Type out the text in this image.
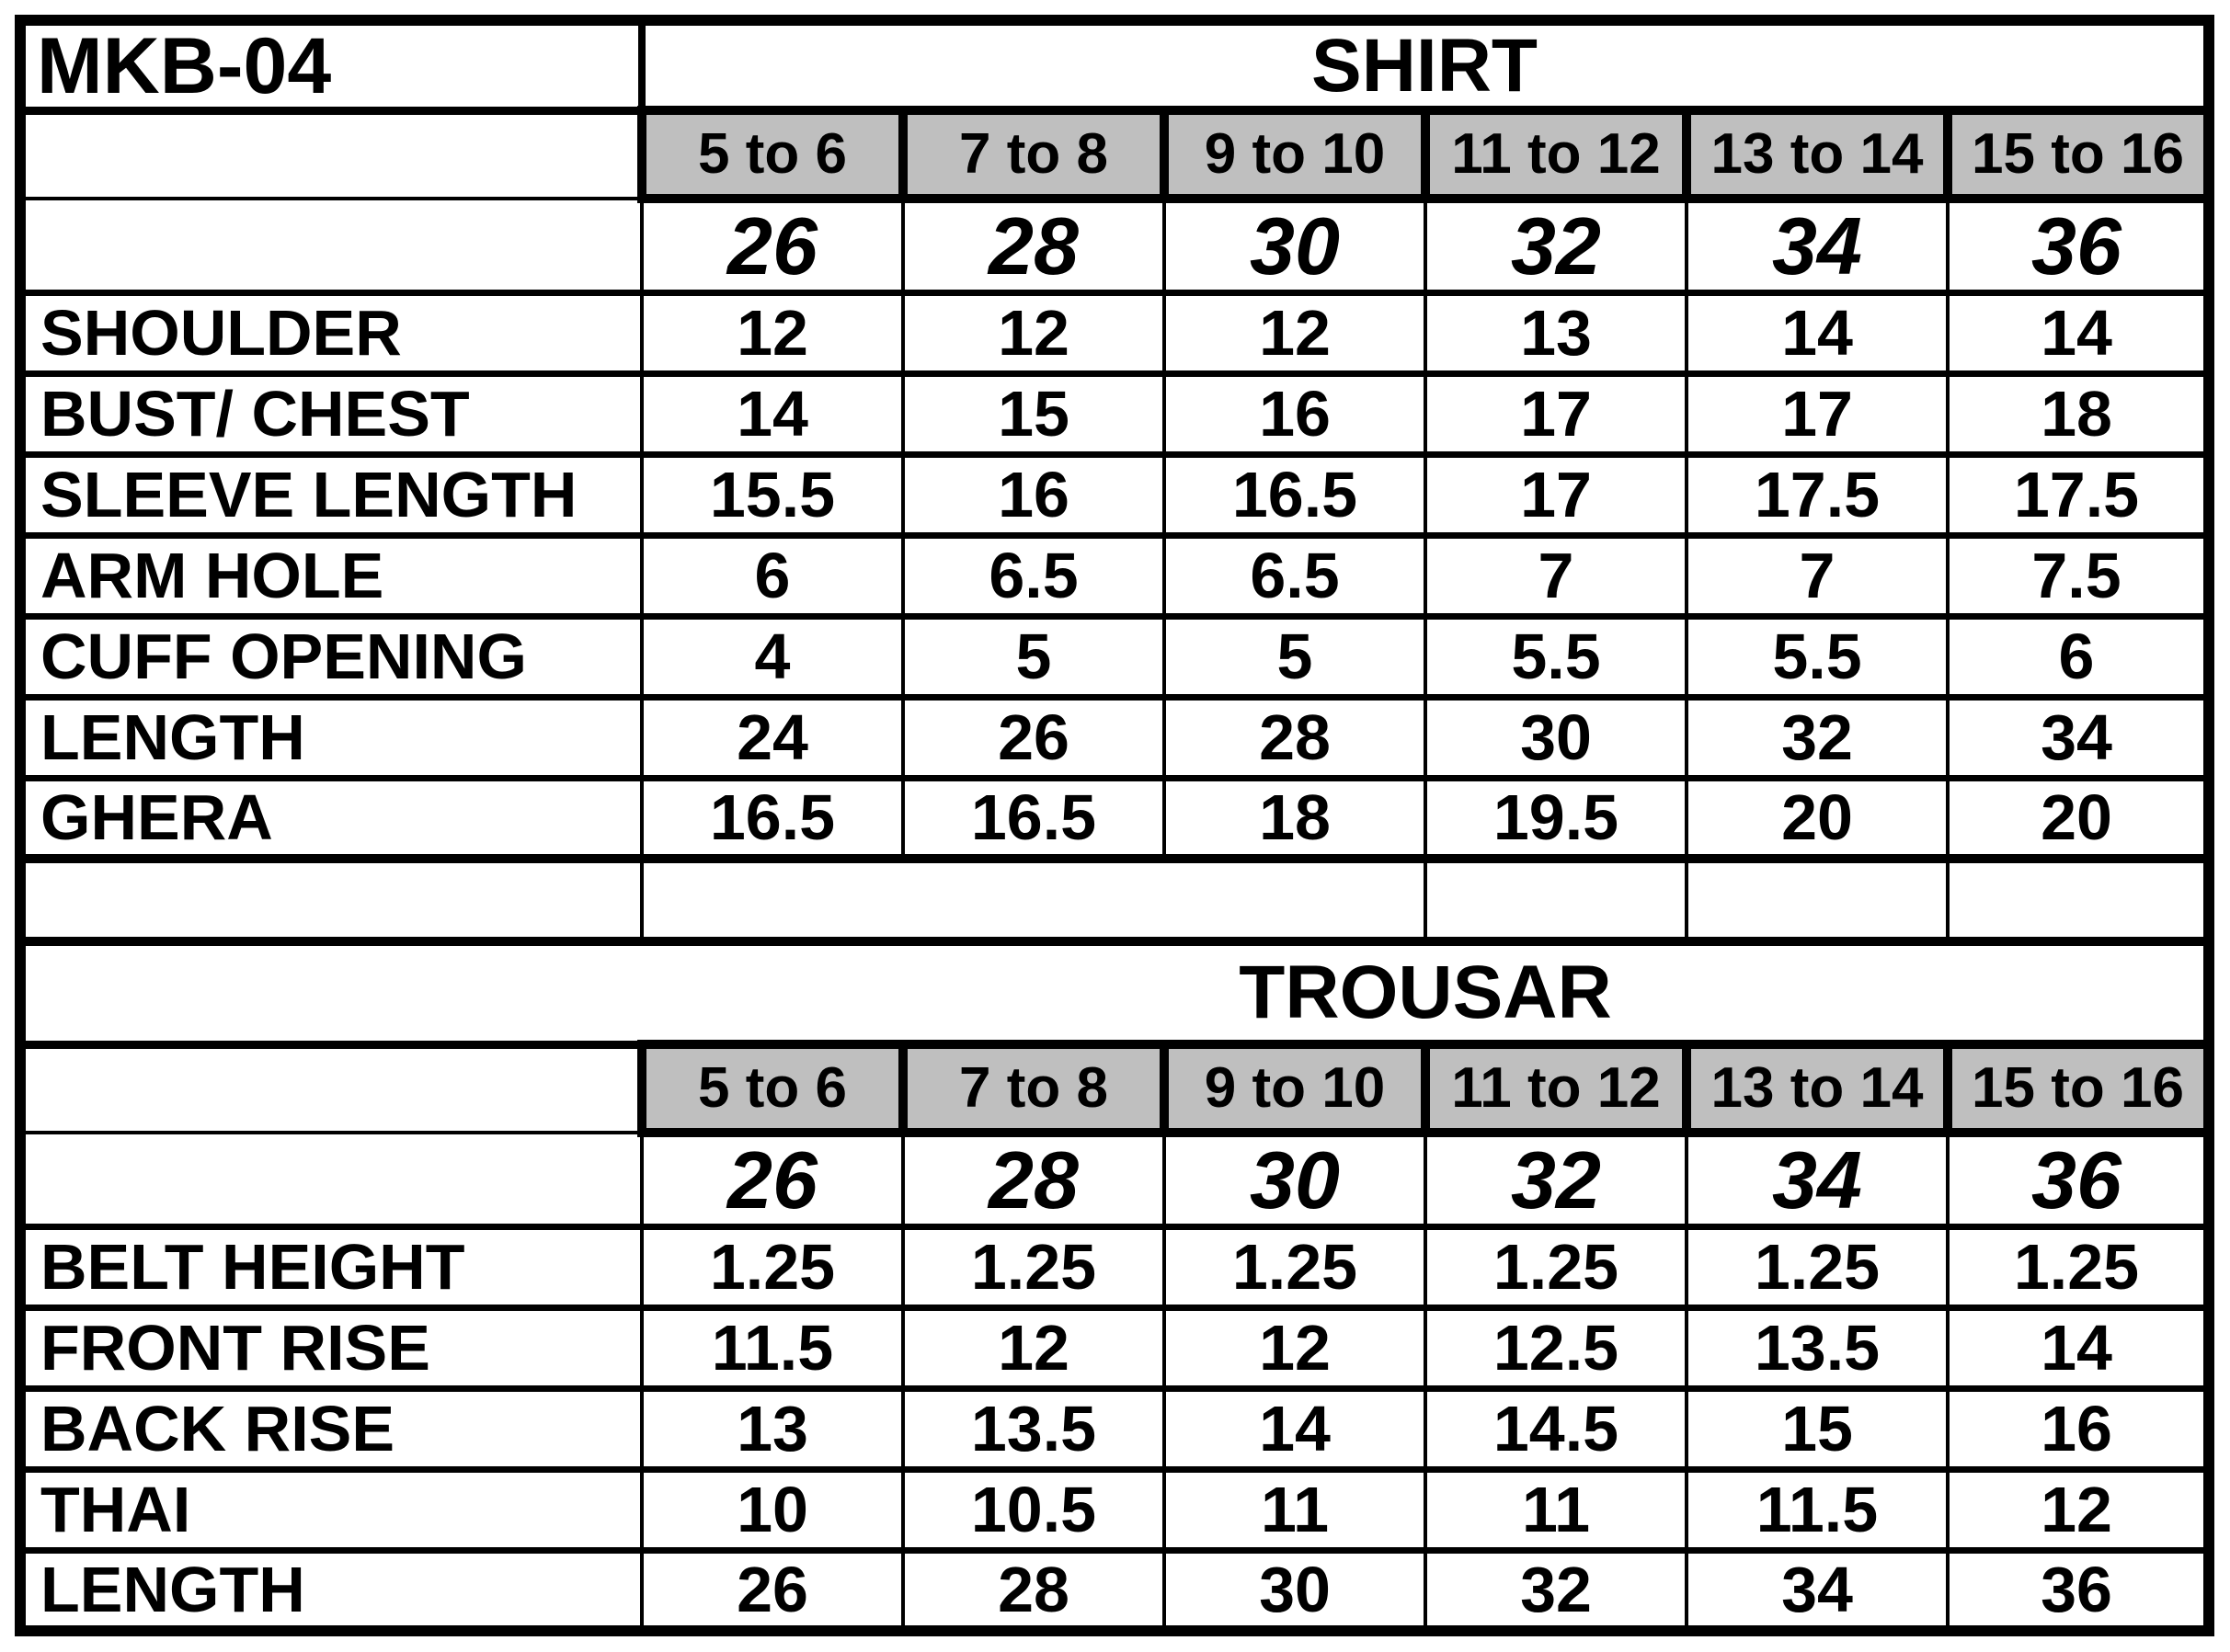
MKB-04	SHIRT					
	5 to 6	7 to 8	9 to 10	11 to 12	13 to 14	15 to 16
	26	28	30	32	34	36
SHOULDER	12	12	12	13	14	14
BUST/ CHEST	14	15	16	17	17	18
SLEEVE LENGTH	15.5	16	16.5	17	17.5	17.5
ARM HOLE	6	6.5	6.5	7	7	7.5
CUFF OPENING	4	5	5	5.5	5.5	6
LENGTH	24	26	28	30	32	34
GHERA	16.5	16.5	18	19.5	20	20

TROUSAR						

	5 to 6	7 to 8	9 to 10	11 to 12	13 to 14	15 to 16
	26	28	30	32	34	36
BELT HEIGHT	1.25	1.25	1.25	1.25	1.25	1.25
FRONT RISE	11.5	12	12	12.5	13.5	14
BACK RISE	13	13.5	14	14.5	15	16
THAI	10	10.5	11	11	11.5	12
LENGTH	26	28	30	32	34	36
